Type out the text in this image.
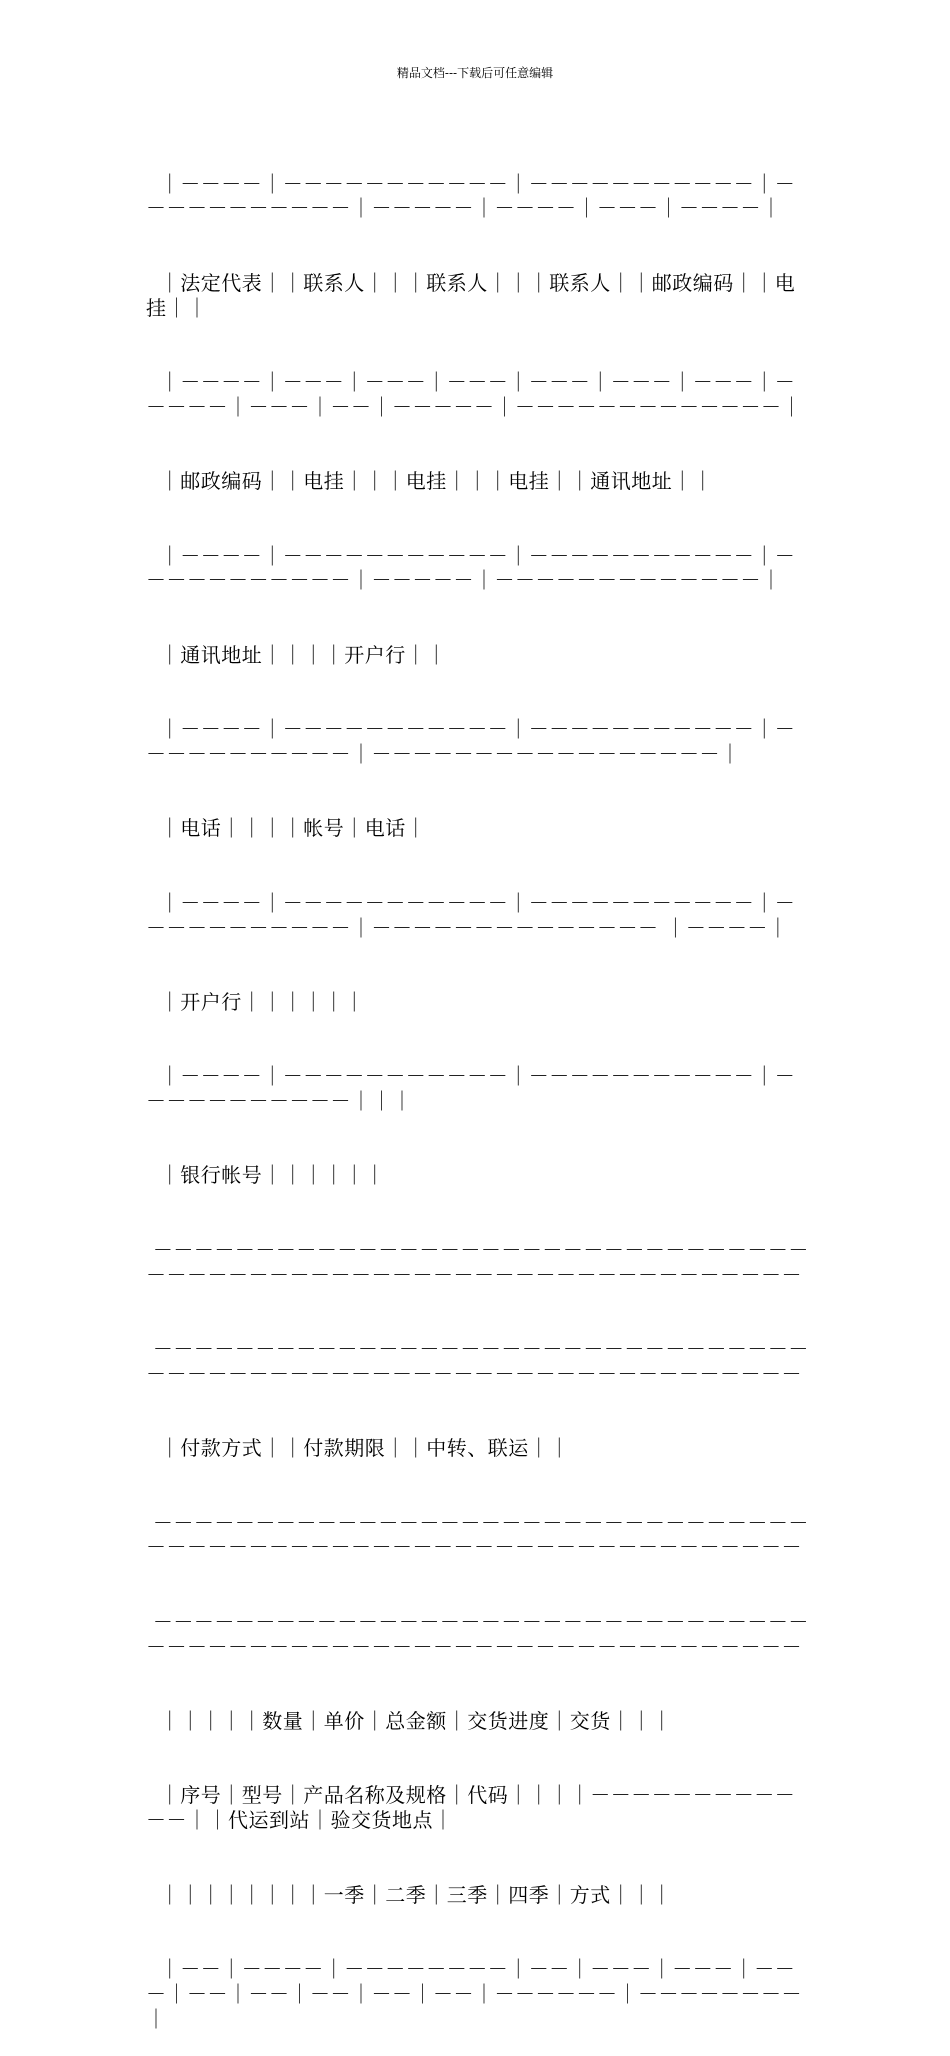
精品文档---下载后可任意编辑

｜－－－－｜－－－－－－－－－－－｜－－－－－－－－－－－｜－－－－－－－－－－－｜－－－－－｜－－－－｜－－－｜－－－－｜

｜法定代表｜｜联系人｜｜｜联系人｜｜｜联系人｜｜邮政编码｜｜电挂｜｜

｜－－－－｜－－－｜－－－｜－－－｜－－－｜－－－｜－－－｜－－－－－｜－－－｜－－｜－－－－－｜－－－－－－－－－－－－－｜

｜邮政编码｜｜电挂｜｜｜电挂｜｜｜电挂｜｜通讯地址｜｜

｜－－－－｜－－－－－－－－－－－｜－－－－－－－－－－－｜－－－－－－－－－－－｜－－－－－｜－－－－－－－－－－－－－｜

｜通讯地址｜｜｜｜开户行｜｜

｜－－－－｜－－－－－－－－－－－｜－－－－－－－－－－－｜－－－－－－－－－－－｜－－－－－－－－－－－－－－－－－｜

｜电话｜｜｜｜帐号｜电话｜

｜－－－－｜－－－－－－－－－－－｜－－－－－－－－－－－｜－－－－－－－－－－－｜－－－－－－－－－－－－－－ ｜－－－－｜

｜开户行｜｜｜｜｜｜

｜－－－－｜－－－－－－－－－－－｜－－－－－－－－－－－｜－－－－－－－－－－－｜｜｜

｜银行帐号｜｜｜｜｜｜

－－－－－－－－－－－－－－－－－－－－－－－－－－－－－－－－－－－－－－－－－－－－－－－－－－－－－－－－－－－－－－－－

－－－－－－－－－－－－－－－－－－－－－－－－－－－－－－－－－－－－－－－－－－－－－－－－－－－－－－－－－－－－－－－－

｜付款方式｜｜付款期限｜｜中转、联运｜｜

－－－－－－－－－－－－－－－－－－－－－－－－－－－－－－－－－－－－－－－－－－－－－－－－－－－－－－－－－－－－－－－－

－－－－－－－－－－－－－－－－－－－－－－－－－－－－－－－－－－－－－－－－－－－－－－－－－－－－－－－－－－－－－－－－

｜｜｜｜｜数量｜单价｜总金额｜交货进度｜交货｜｜｜

｜序号｜型号｜产品名称及规格｜代码｜｜｜｜－－－－－－－－－－－－｜｜代运到站｜验交货地点｜

｜｜｜｜｜｜｜｜一季｜二季｜三季｜四季｜方式｜｜｜

｜－－｜－－－－｜－－－－－－－－｜－－｜－－－｜－－－｜－－－｜－－｜－－｜－－｜－－｜－－｜－－－－－－｜－－－－－－－－｜
